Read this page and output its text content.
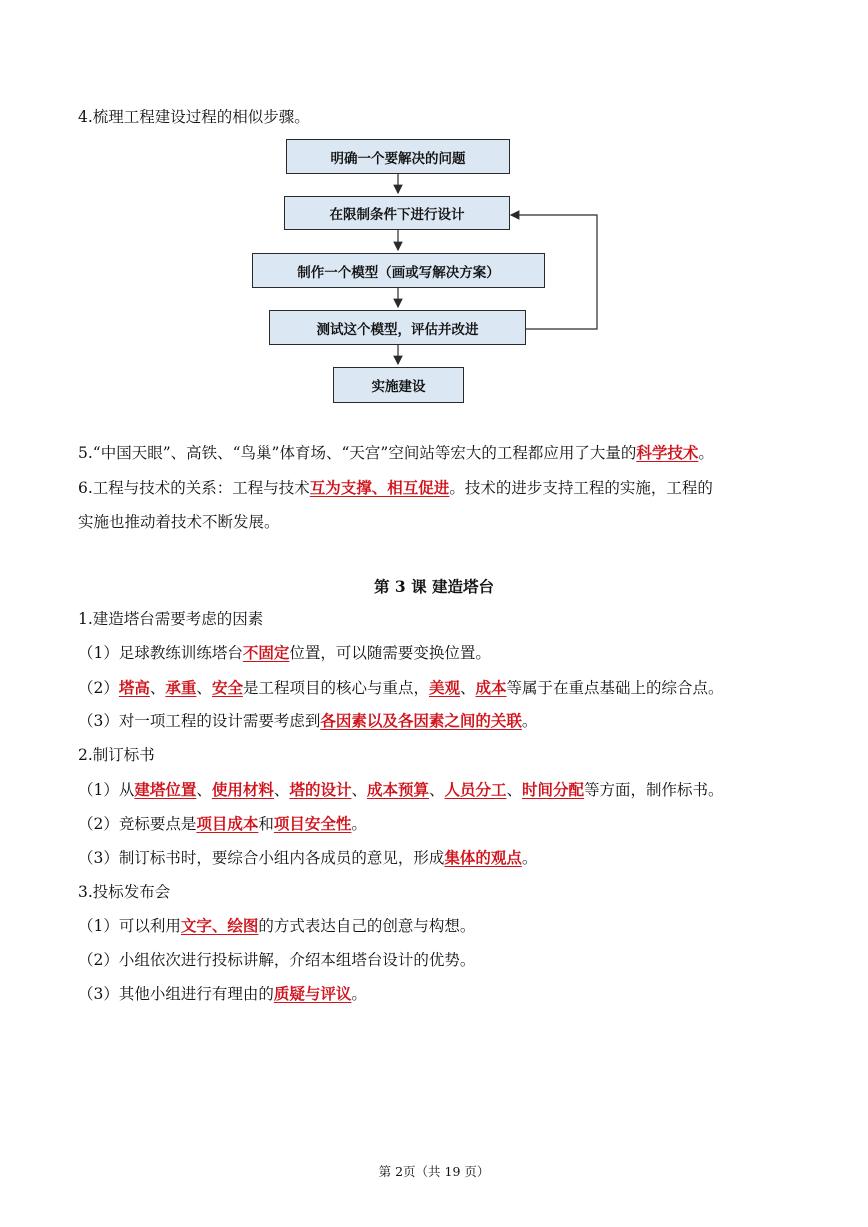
4.梳理工程建设过程的相似步骤。
明确一个要解决的问题
在限制条件下进行设计
制作一个模型（画或写解决方案）
测试这个模型，评估并改进
实施建设
5.“中国天眼”、高铁、“鸟巢”体育场、“天宫”空间站等宏大的工程都应用了大量的科学技术。
6.工程与技术的关系：工程与技术互为支撑、相互促进。技术的进步支持工程的实施，工程的
实施也推动着技术不断发展。
第 3 课 建造塔台
1.建造塔台需要考虑的因素
（1）足球教练训练塔台不固定位置，可以随需要变换位置。
（2）塔高、承重、安全是工程项目的核心与重点，美观、成本等属于在重点基础上的综合点。
（3）对一项工程的设计需要考虑到各因素以及各因素之间的关联。
2.制订标书
（1）从建塔位置、使用材料、塔的设计、成本预算、人员分工、时间分配等方面，制作标书。
（2）竞标要点是项目成本和项目安全性。
（3）制订标书时，要综合小组内各成员的意见，形成集体的观点。
3.投标发布会
（1）可以利用文字、绘图的方式表达自己的创意与构想。
（2）小组依次进行投标讲解，介绍本组塔台设计的优势。
（3）其他小组进行有理由的质疑与评议。
第 2页（共 19 页）
